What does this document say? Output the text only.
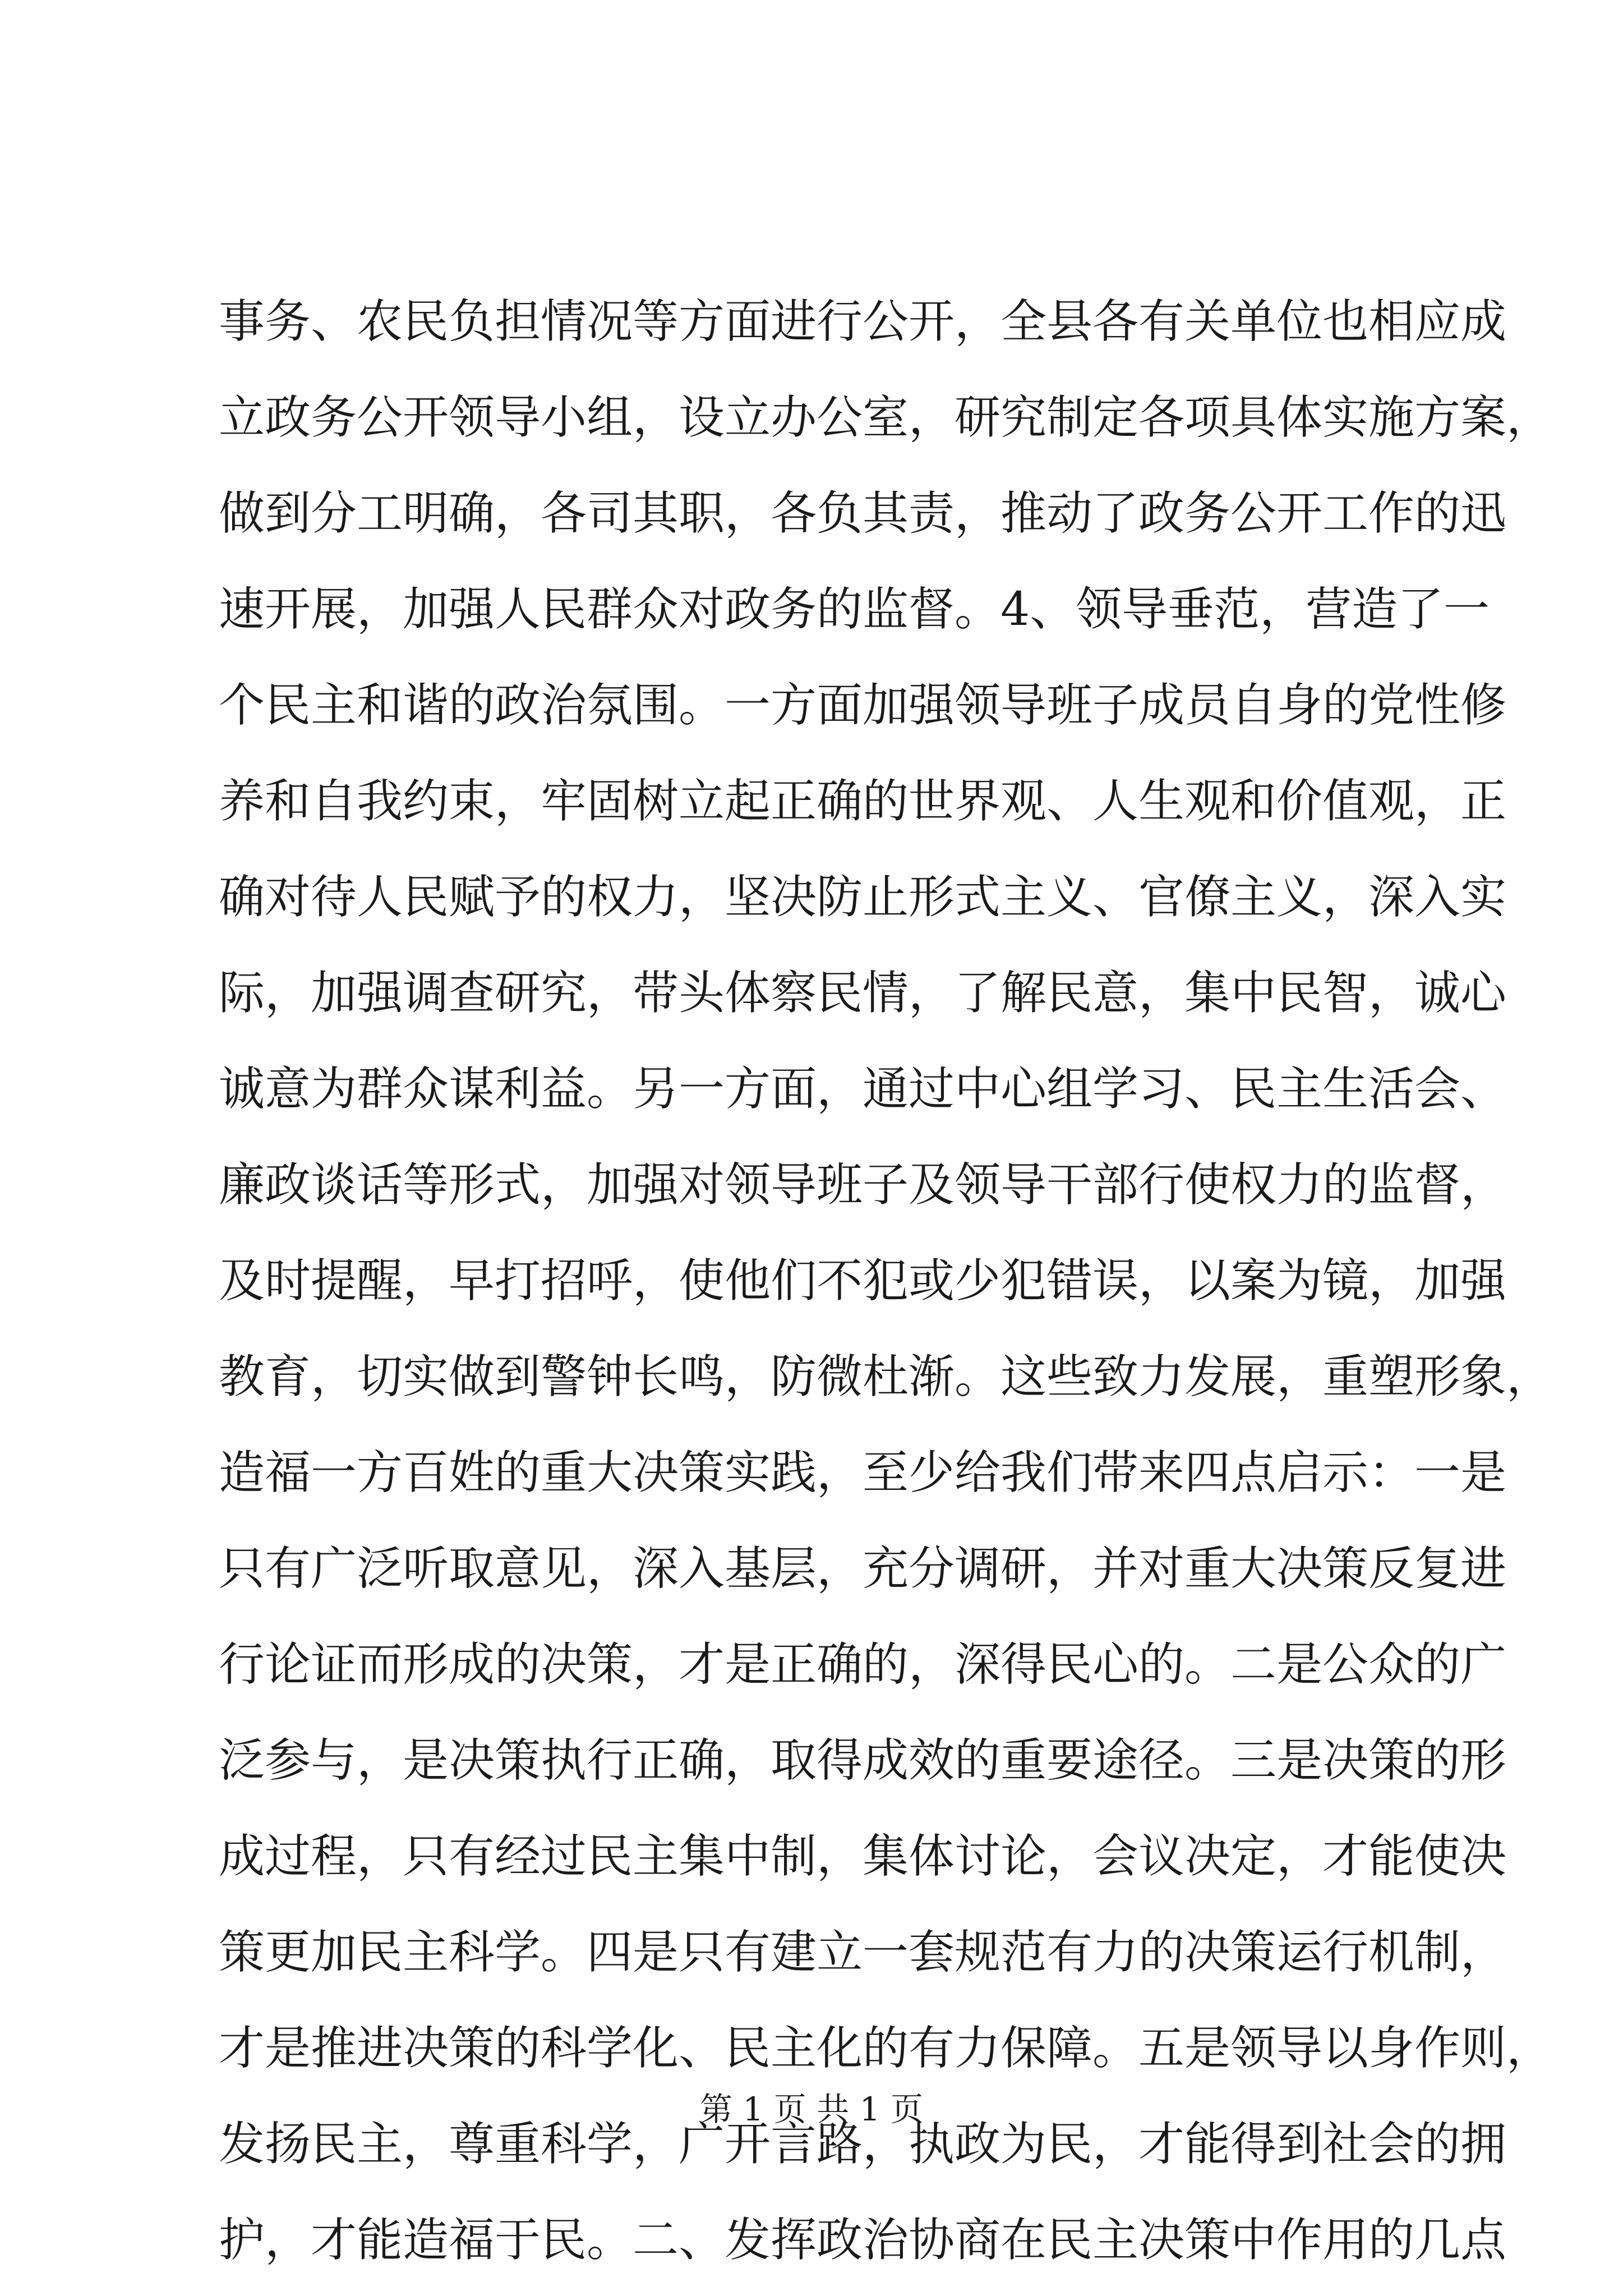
事务、农民负担情况等方面进行公开，全县各有关单位也相应成
立政务公开领导小组，设立办公室，研究制定各项具体实施方案，
做到分工明确，各司其职，各负其责，推动了政务公开工作的迅
速开展，加强人民群众对政务的监督。4、领导垂范，营造了一
个民主和谐的政治氛围。一方面加强领导班子成员自身的党性修
养和自我约束，牢固树立起正确的世界观、人生观和价值观，正
确对待人民赋予的权力，坚决防止形式主义、官僚主义，深入实
际，加强调查研究，带头体察民情，了解民意，集中民智，诚心
诚意为群众谋利益。另一方面，通过中心组学习、民主生活会、
廉政谈话等形式，加强对领导班子及领导干部行使权力的监督，
及时提醒，早打招呼，使他们不犯或少犯错误，以案为镜，加强
教育，切实做到警钟长鸣，防微杜渐。这些致力发展，重塑形象，
造福一方百姓的重大决策实践，至少给我们带来四点启示：一是
只有广泛听取意见，深入基层，充分调研，并对重大决策反复进
行论证而形成的决策，才是正确的，深得民心的。二是公众的广
泛参与，是决策执行正确，取得成效的重要途径。三是决策的形
成过程，只有经过民主集中制，集体讨论，会议决定，才能使决
策更加民主科学。四是只有建立一套规范有力的决策运行机制，
才是推进决策的科学化、民主化的有力保障。五是领导以身作则，
发扬民主，尊重科学，广开言路，执政为民，才能得到社会的拥
护，才能造福于民。二、发挥政治协商在民主决策中作用的几点
第 1 页 共 1 页
